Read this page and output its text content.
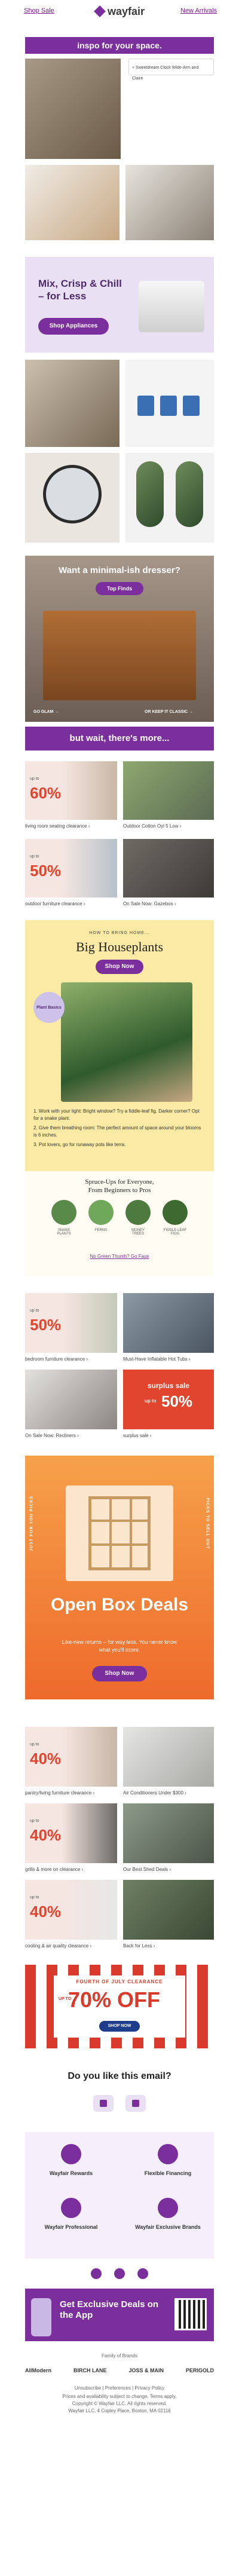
Shop Sale	wayfair	New Arrivals
inspo for your space.
+ Sweetdream Clock Wide-Arm and Claire
Mix, Crisp & Chill – for Less
Shop Appliances
Want a minimal-ish dresser?
Top Finds
GO GLAM →	OR KEEP IT CLASSIC →
but wait, there's more...
up to
60%
living room seating clearance ›	Outdoor Cotton Oyl 5 Low ›
up to
50%
outdoor furniture clearance ›	On Sale Now: Gazebos ›
HOW TO BRING HOME...
Big Houseplants
Shop Now
Plant Basics
1. Work with your light: Bright window? Try a fiddle-leaf fig. Darker corner? Opt for a snake plant.
2. Give them breathing room: The perfect amount of space around your blooms is 6 inches.
3. Pot lovers, go for runaway pots like terra.
Spruce-Ups for Everyone,
From Beginners to Pros
SNAKE PLANTS
FERNS	MONEY TREES
FIDDLE-LEAF FIGS
No Green Thumb? Go Faux
up to
50%
bedroom furniture clearance ›	Must-Have Inflatable Hot Tubs ›
On Sale Now: Recliners ›
surplus sale
up to 50%
surplus sale ›
JUST FOR YOU PICKS	PICKS TO SELL OUT
Open Box Deals
Like-new returns – for way less. You never know what you'll score.
Shop Now
up to
40%
pantry/living furniture clearance ›	Air Conditioners Under $300 ›
up to
40%
grills & more on clearance ›	Our Best Shed Deals ›
up to
40%
cooling & air quality clearance ›	Back for Less ›
FOURTH OF JULY CLEARANCE
UP TO
70% OFF
SHOP NOW
Do you like this email?
Wayfair Rewards	Flexible Financing
Wayfair Professional	Wayfair Exclusive Brands
Get Exclusive Deals on the App
Family of Brands
AllModern	BIRCH LANE	JOSS & MAIN	PERIGOLD
Unsubscribe | Preferences | Privacy Policy
Prices and availability subject to change. Terms apply.
Copyright © Wayfair LLC. All rights reserved.
Wayfair LLC, 4 Copley Place, Boston, MA 02116
